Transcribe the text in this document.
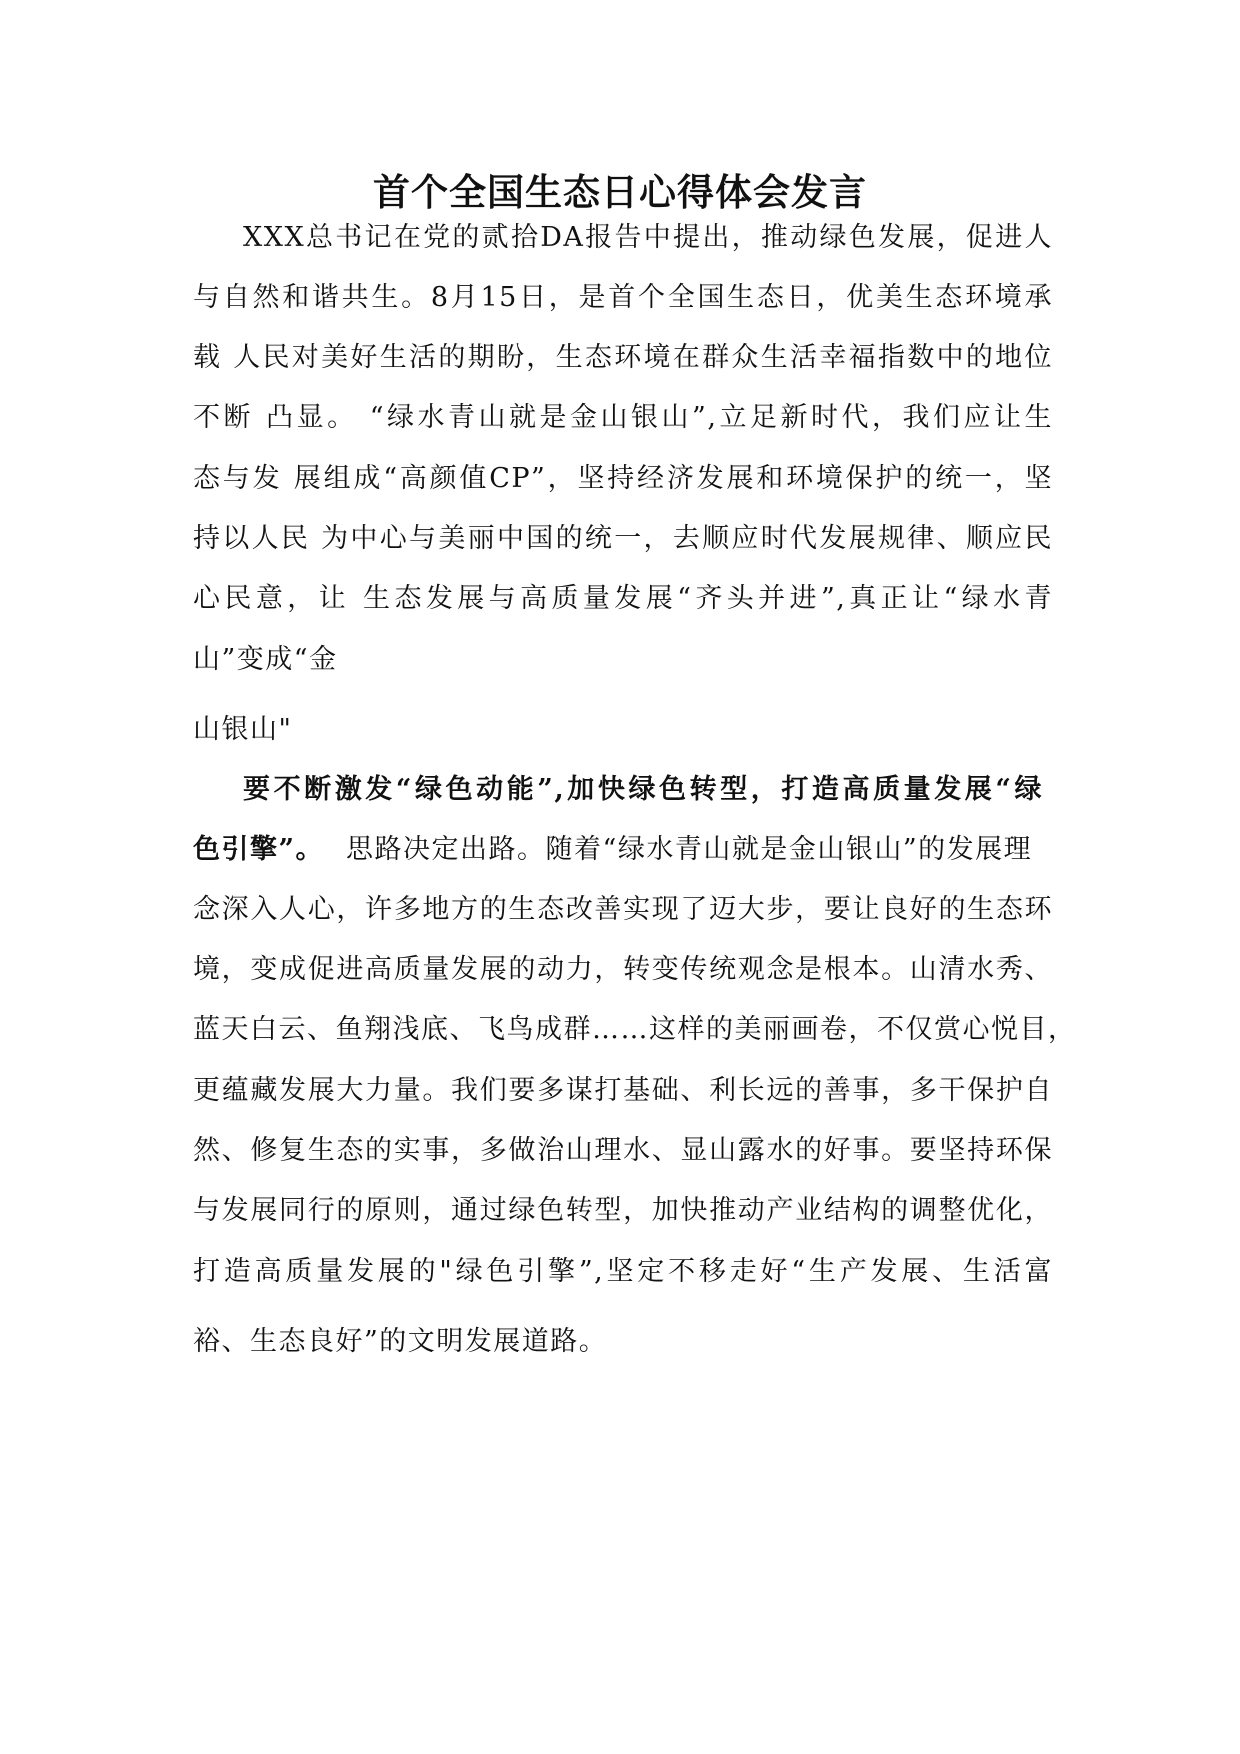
首个全国生态日心得体会发言

XXX总书记在党的贰拾DA报告中提出，推动绿色发展，促进人

与自然和谐共生。8月15日，是首个全国生态日，优美生态环境承

载 人民对美好生活的期盼，生态环境在群众生活幸福指数中的地位

不断 凸显。 “绿水青山就是金山银山”,立足新时代，我们应让生

态与发 展组成“高颜值CP”，坚持经济发展和环境保护的统一，坚

持以人民 为中心与美丽中国的统一，去顺应时代发展规律、顺应民

心民意，让 生态发展与高质量发展“齐头并进”,真正让“绿水青

山”变成“金

山银山"

要不断激发“绿色动能”,加快绿色转型，打造高质量发展“绿

色引擎”。 思路决定出路。随着“绿水青山就是金山银山”的发展理

念深入人心，许多地方的生态改善实现了迈大步，要让良好的生态环

境，变成促进高质量发展的动力，转变传统观念是根本。山清水秀、

蓝天白云、鱼翔浅底、飞鸟成群……这样的美丽画卷，不仅赏心悦目，

更蕴藏发展大力量。我们要多谋打基础、利长远的善事，多干保护自

然、修复生态的实事，多做治山理水、显山露水的好事。要坚持环保

与发展同行的原则，通过绿色转型，加快推动产业结构的调整优化，

打造高质量发展的"绿色引擎”,坚定不移走好“生产发展、生活富

裕、生态良好”的文明发展道路。
